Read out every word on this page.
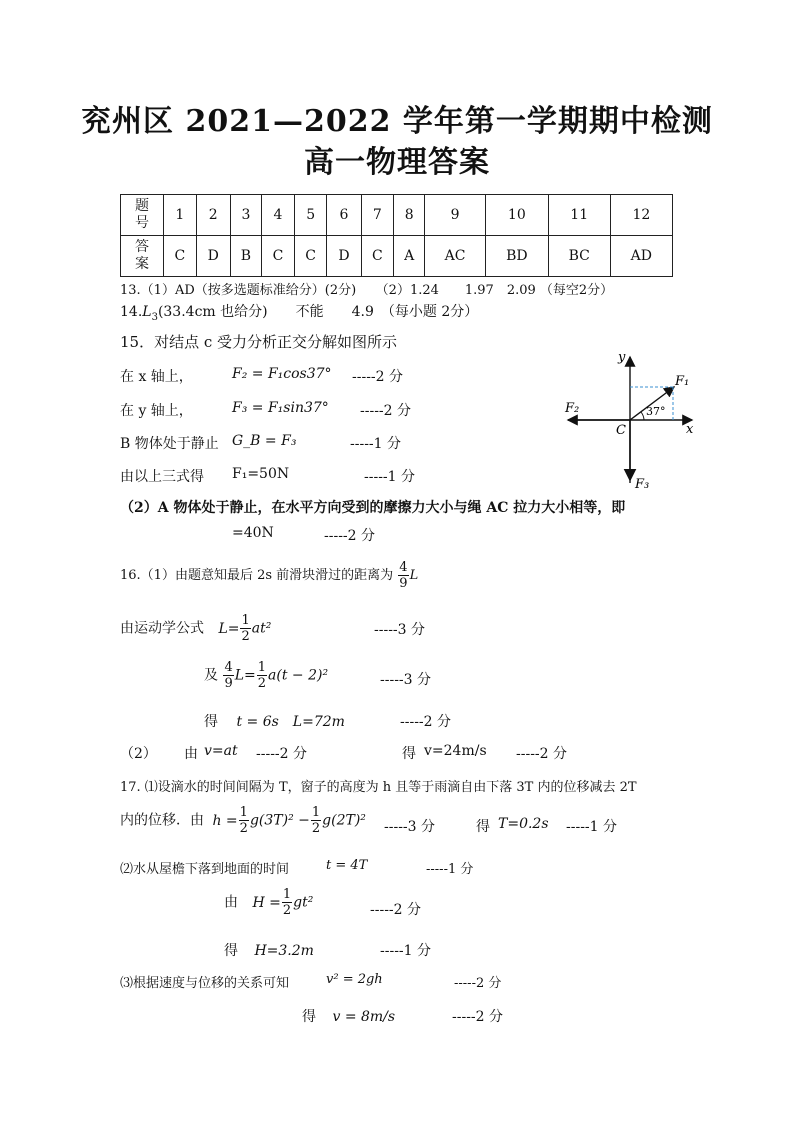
兖州区 2021—2022 学年第一学期期中检测
高一物理答案
题
号	1	2	3	4	5	6	7	8	9	10	11	12
答
案	C	D	B	C	C	D	C	A	AC	BD	BC	AD
13.（1）AD（按多选题标准给分）(2分)　　（2）1.24　　1.97　2.09 （每空2分）
$14.L_3(33.4cm$ 也给分)　　不能　　4.9　（每小题 2分）
15．对结点 c 受力分析正交分解如图所示
在 x 轴上，	F₂ = F₁cos37° -----2 分
在 y 轴上，	F₃ = F₁sin37° -----2 分
B 物体处于静止 G_B = F₃	-----1 分
由以上三式得 F₁=50N	-----1 分
（2）A 物体处于静止，在水平方向受到的摩擦力大小与绳 AC 拉力大小相等，即
=40N	-----2 分
y
x
F₁
F₂
F₃
C
37°
16.（1）由题意知最后 2s 前滑块滑过的距离为 $\frac{4}{9}$ L
由运动学公式 $L= \frac{1}{2} at^2$	-----3 分
及 $\frac{4}{9} L= \frac{1}{2} a(t - 2)^2$	-----3 分
得 t = 6s　L=72m	-----2 分
（2） 由 v=at -----2 分	得 v=24m/s -----2 分
17. ⑴设滴水的时间间隔为 T，窗子的高度为 h 且等于雨滴自由下落 3T 内的位移减去 2T
内的位移．由 $h = \frac{1}{2} g(3T)^2 - \frac{1}{2} g(2T)^2$ -----3 分	得 T=0.2s -----1 分
⑵水从屋檐下落到地面的时间	t = 4T	-----1 分
由 $H = \frac{1}{2} gt^2$	-----2 分
得 H=3.2m	-----1 分
⑶根据速度与位移的关系可知	v² = 2gh	-----2 分
得 v = 8m/s	-----2 分
